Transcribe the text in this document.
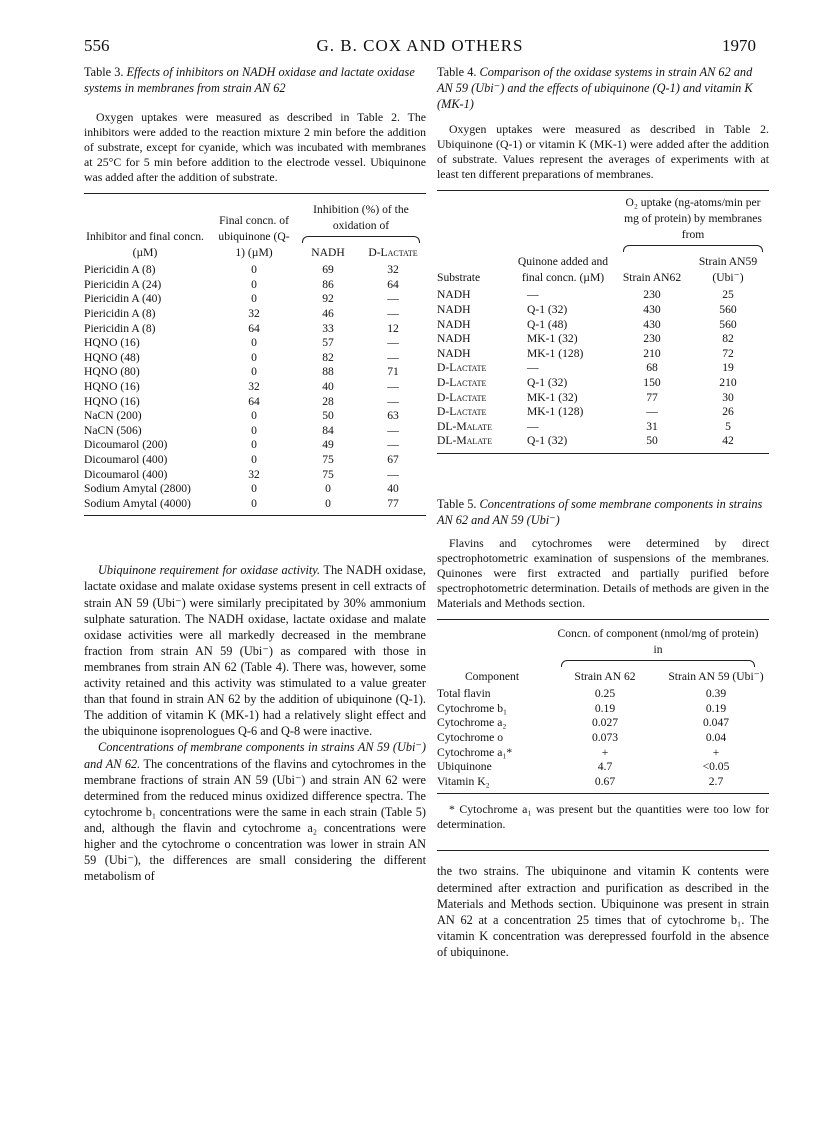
556	G. B. COX AND OTHERS	1970

Table 3. Effects of inhibitors on NADH oxidase and lactate oxidase systems in membranes from strain AN 62

Oxygen uptakes were measured as described in Table 2. The inhibitors were added to the reaction mixture 2 min before the addition of substrate, except for cyanide, which was incubated with membranes at 25°C for 5 min before addition to the electrode vessel. Ubiquinone was added after the addition of substrate.

Inhibitor and final concn. (µM)	Final concn. of ubiquinone (Q-1) (µM)	Inhibition (%) of the oxidation of	

		NADH	D-Lactate
Piericidin A (8)	0	69	32
Piericidin A (24)	0	86	64
Piericidin A (40)	0	92	—
Piericidin A (8)	32	46	—
Piericidin A (8)	64	33	12
HQNO (16)	0	57	—
HQNO (48)	0	82	—
HQNO (80)	0	88	71
HQNO (16)	32	40	—
HQNO (16)	64	28	—
NaCN (200)	0	50	63
NaCN (506)	0	84	—
Dicoumarol (200)	0	49	—
Dicoumarol (400)	0	75	67
Dicoumarol (400)	32	75	—
Sodium Amytal (2800)	0	0	40
Sodium Amytal (4000)	0	0	77

Ubiquinone requirement for oxidase activity. The NADH oxidase, lactate oxidase and malate oxidase systems present in cell extracts of strain AN 59 (Ubi⁻) were similarly precipitated by 30% ammonium sulphate saturation. The NADH oxidase, lactate oxidase and malate oxidase activities were all markedly decreased in the membrane fraction from strain AN 59 (Ubi⁻) as compared with those in membranes from strain AN 62 (Table 4). There was, however, some activity retained and this activity was stimulated to a value greater than that found in strain AN 62 by the addition of ubiquinone (Q-1). The addition of vitamin K (MK-1) had a relatively slight effect and the ubiquinone isoprenologues Q-6 and Q-8 were inactive.

Concentrations of membrane components in strains AN 59 (Ubi⁻) and AN 62. The concentrations of the flavins and cytochromes in the membrane fractions of strain AN 59 (Ubi⁻) and strain AN 62 were determined from the reduced minus oxidized difference spectra. The cytochrome b₁ concentrations were the same in each strain (Table 5) and, although the flavin and cytochrome a₂ concentrations were higher and the cytochrome o concentration was lower in strain AN 59 (Ubi⁻), the differences are small considering the different metabolism of

Table 4. Comparison of the oxidase systems in strain AN 62 and AN 59 (Ubi⁻) and the effects of ubiquinone (Q-1) and vitamin K (MK-1)

Oxygen uptakes were measured as described in Table 2. Ubiquinone (Q-1) or vitamin K (MK-1) were added after the addition of substrate. Values represent the averages of experiments with at least ten different preparations of membranes.

		O₂ uptake (ng-atoms/min per mg of protein) by membranes from	

Substrate	Quinone added and final concn. (µM)	Strain AN62	Strain AN59 (Ubi⁻)
NADH	—	230	25
NADH	Q-1 (32)	430	560
NADH	Q-1 (48)	430	560
NADH	MK-1 (32)	230	82
NADH	MK-1 (128)	210	72
D-Lactate	—	68	19
D-Lactate	Q-1 (32)	150	210
D-Lactate	MK-1 (32)	77	30
D-Lactate	MK-1 (128)	—	26
DL-Malate	—	31	5
DL-Malate	Q-1 (32)	50	42

Table 5. Concentrations of some membrane components in strains AN 62 and AN 59 (Ubi⁻)

Flavins and cytochromes were determined by direct spectrophotometric examination of suspensions of the membranes. Quinones were first extracted and partially purified before spectrophotometric determination. Details of methods are given in the Materials and Methods section.

	Concn. of component (nmol/mg of protein) in	

Component	Strain AN 62	Strain AN 59 (Ubi⁻)
Total flavin	0.25	0.39
Cytochrome b₁	0.19	0.19
Cytochrome a₂	0.027	0.047
Cytochrome o	0.073	0.04
Cytochrome a₁*	+	+
Ubiquinone	4.7	<0.05
Vitamin K₂	0.67	2.7

* Cytochrome a₁ was present but the quantities were too low for determination.

the two strains. The ubiquinone and vitamin K contents were determined after extraction and purification as described in the Materials and Methods section. Ubiquinone was present in strain AN 62 at a concentration 25 times that of cytochrome b₁. The vitamin K concentration was derepressed fourfold in the absence of ubiquinone.
